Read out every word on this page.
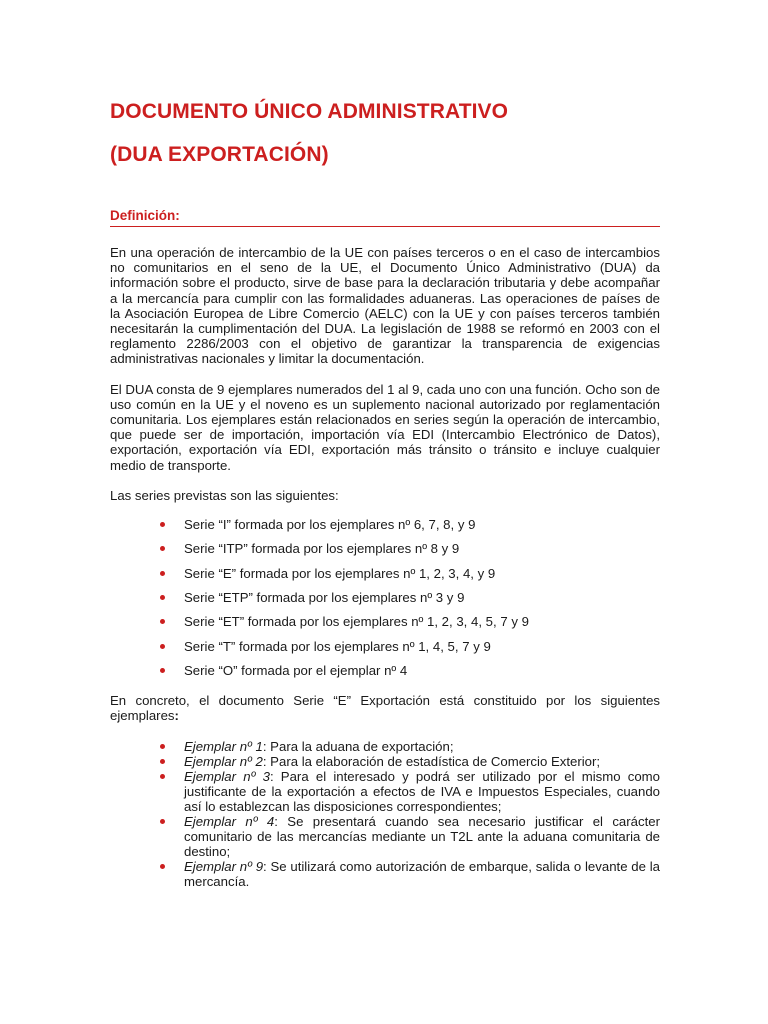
DOCUMENTO ÚNICO ADMINISTRATIVO
(DUA EXPORTACIÓN)
Definición:

En una operación de intercambio de la UE con países terceros o en el caso de intercambios no comunitarios en el seno de la UE, el Documento Único Administrativo (DUA) da información sobre el producto, sirve de base para la declaración tributaria y debe acompañar a la mercancía para cumplir con las formalidades aduaneras. Las operaciones de países de la Asociación Europea de Libre Comercio (AELC) con la UE y con países terceros también necesitarán la cumplimentación del DUA. La legislación de 1988 se reformó en 2003 con el reglamento 2286/2003 con el objetivo de garantizar la transparencia de exigencias administrativas nacionales y limitar la documentación.

El DUA consta de 9 ejemplares numerados del 1 al 9, cada uno con una función. Ocho son de uso común en la UE y el noveno es un suplemento nacional autorizado por reglamentación comunitaria. Los ejemplares están relacionados en series según la operación de intercambio, que puede ser de importación, importación vía EDI (Intercambio Electrónico de Datos), exportación, exportación vía EDI, exportación más tránsito o tránsito e incluye cualquier medio de transporte.

Las series previstas son las siguientes:

Serie “I” formada por los ejemplares nº 6, 7, 8, y 9
Serie “ITP” formada por los ejemplares nº 8 y 9
Serie “E” formada por los ejemplares nº 1, 2, 3, 4, y 9
Serie “ETP” formada por los ejemplares nº 3 y 9
Serie “ET” formada por los ejemplares nº 1, 2, 3, 4, 5, 7 y 9
Serie “T” formada por los ejemplares nº 1, 4, 5, 7 y 9
Serie “O” formada por el ejemplar nº 4

En concreto, el documento Serie “E” Exportación está constituido por los siguientes ejemplares:

Ejemplar nº 1: Para la aduana de exportación;
Ejemplar nº 2: Para la elaboración de estadística de Comercio Exterior;
Ejemplar nº 3: Para el interesado y podrá ser utilizado por el mismo como justificante de la exportación a efectos de IVA e Impuestos Especiales, cuando así lo establezcan las disposiciones correspondientes;
Ejemplar nº 4: Se presentará cuando sea necesario justificar el carácter comunitario de las mercancías mediante un T2L ante la aduana comunitaria de destino;
Ejemplar nº 9: Se utilizará como autorización de embarque, salida o levante de la mercancía.
